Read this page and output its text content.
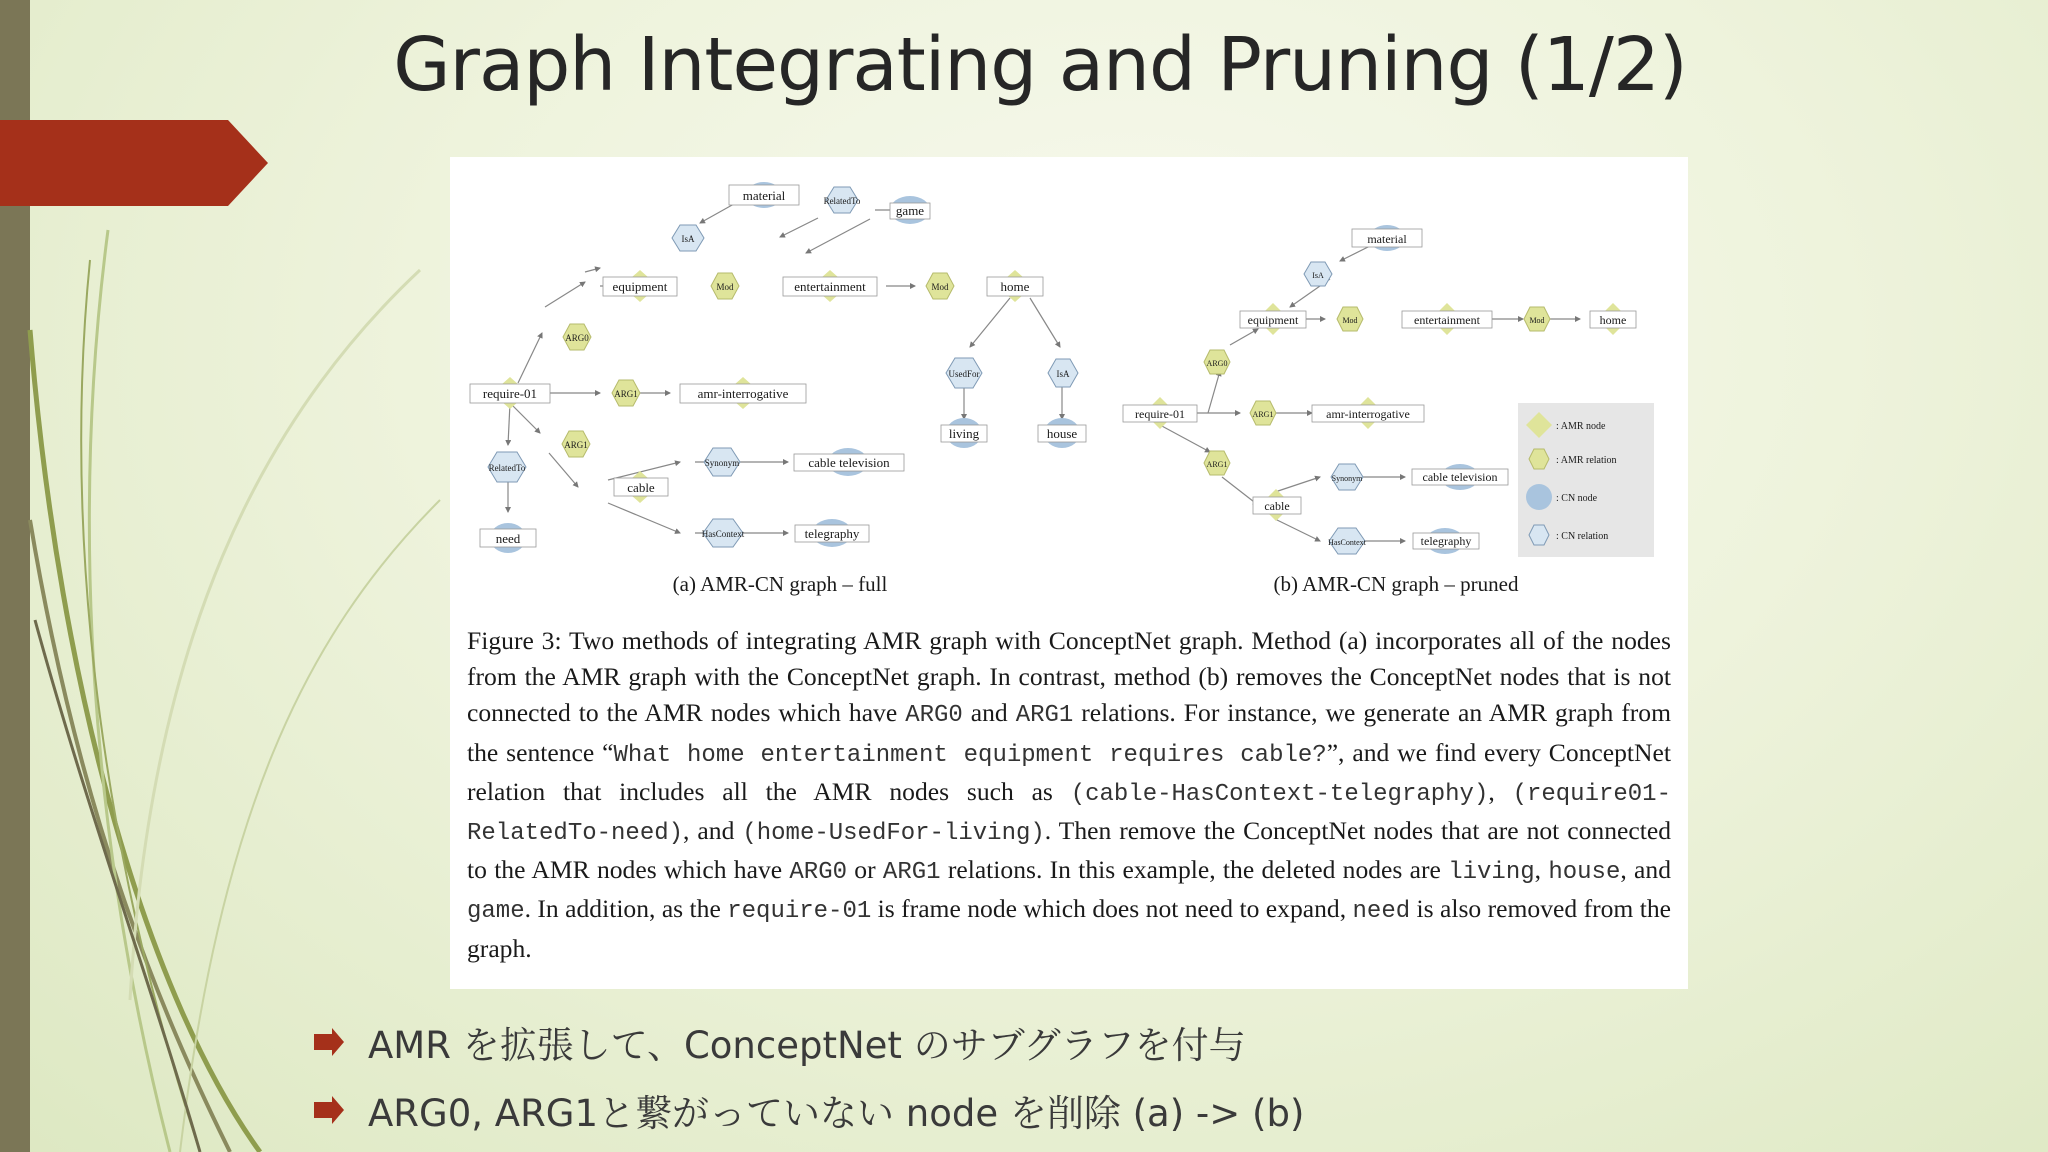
Graph Integrating and Pruning (1/2)
material	RelatedTo
game
IsA
equipment	Mod	entertainment	Mod	home
ARG0
UsedFor	IsA
require-01	ARG1	amr-interrogative
living	house
ARG1
RelatedTo	Synonym	cable television
cable
HasContext	telegraphy
need
material
IsA
equipment	Mod	entertainment	Mod	home
ARG0
require-01	ARG1	amr-interrogative
ARG1
Synonym	cable television
cable
HasContext	telegraphy
: AMR node
: AMR relation
: CN node
: CN relation
(a) AMR-CN graph – full	(b) AMR-CN graph – pruned

Figure 3: Two methods of integrating AMR graph with ConceptNet graph. Method (a) incorporates all of the nodes from the AMR graph with the ConceptNet graph. In contrast, method (b) removes the ConceptNet nodes that is not connected to the AMR nodes which have ARG0 and ARG1 relations. For instance, we generate an AMR graph from the sentence “What home entertainment equipment requires cable?”, and we find every ConceptNet relation that includes all the AMR nodes such as (cable-HasContext-telegraphy), (require01-RelatedTo-need), and (home-UsedFor-living). Then remove the ConceptNet nodes that are not connected to the AMR nodes which have ARG0 or ARG1 relations. In this example, the deleted nodes are living, house, and game. In addition, as the require-01 is frame node which does not need to expand, need is also removed from the graph.

AMR を拡張して、ConceptNet のサブグラフを付与
ARG0, ARG1と繋がっていない node を削除 (a) -> (b)
